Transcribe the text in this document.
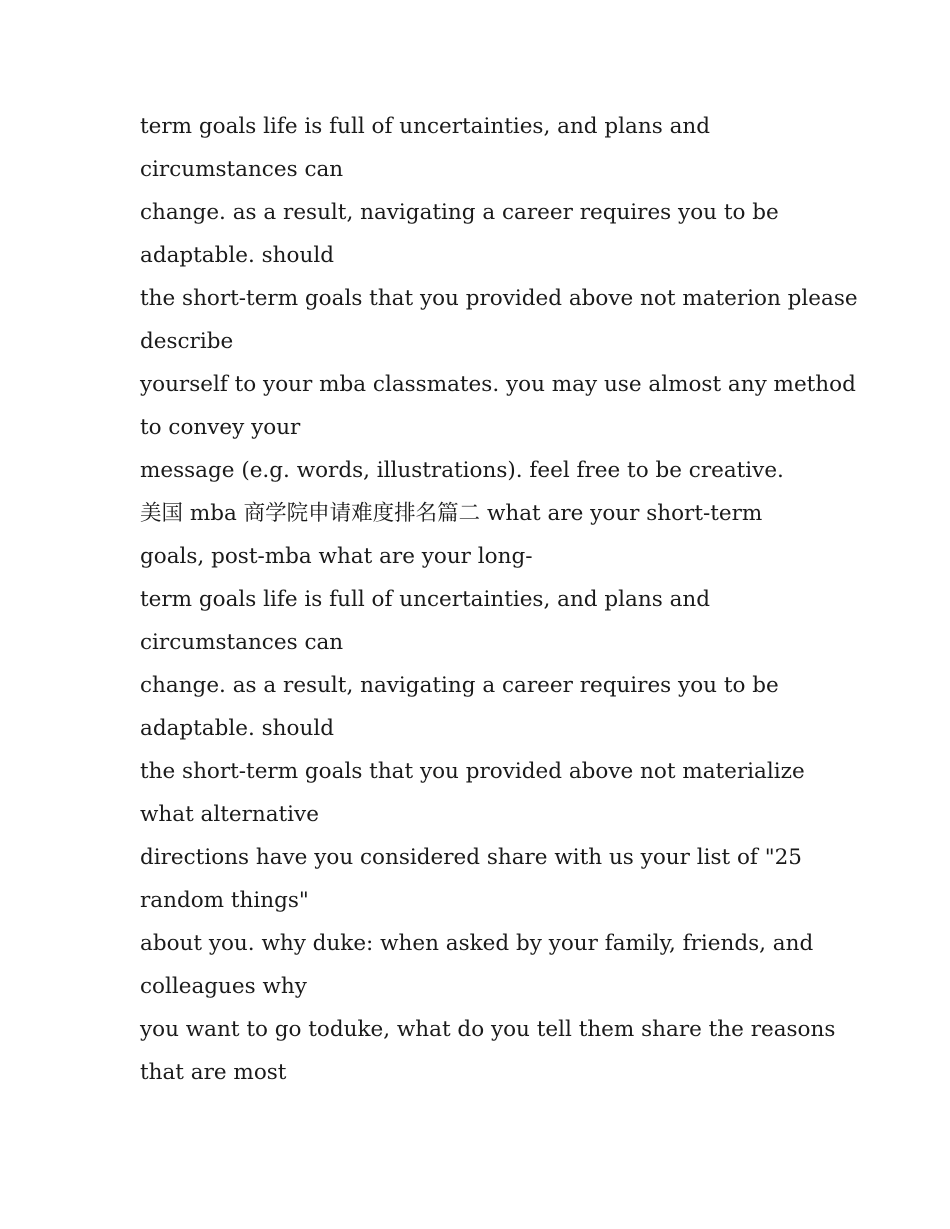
term goals life is full of uncertainties, and plans and
circumstances can

change. as a result, navigating a career requires you to be
adaptable. should

the short-term goals that you provided above not materion please
describe

yourself to your mba classmates. you may use almost any method
to convey your

message (e.g. words, illustrations). feel free to be creative.

美国 mba 商学院申请难度排名篇二 what are your short-term
goals, post-mba what are your long-

term goals life is full of uncertainties, and plans and
circumstances can

change. as a result, navigating a career requires you to be
adaptable. should

the short-term goals that you provided above not materialize
what alternative

directions have you considered share with us your list of "25
random things"

about you. why duke: when asked by your family, friends, and
colleagues why

you want to go toduke, what do you tell them share the reasons
that are most
